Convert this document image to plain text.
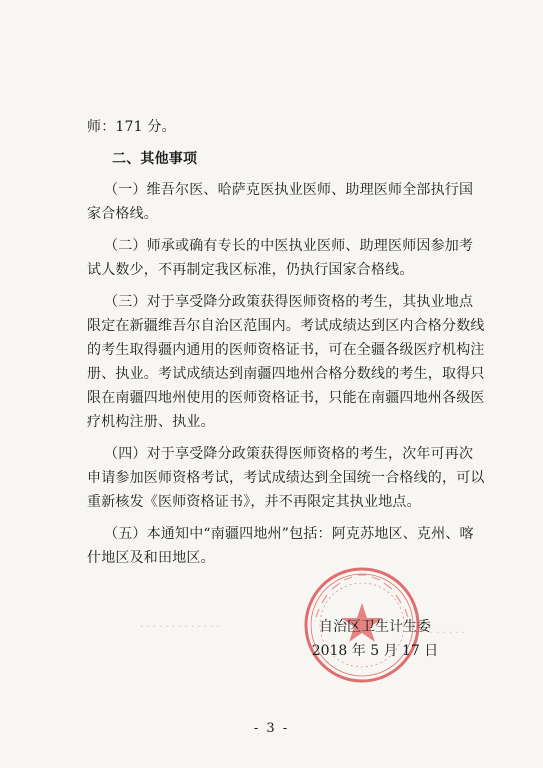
师：171 分。
二、其他事项
（一）维吾尔医、哈萨克医执业医师、助理医师全部执行国
家合格线。
（二）师承或确有专长的中医执业医师、助理医师因参加考
试人数少，不再制定我区标准，仍执行国家合格线。
（三）对于享受降分政策获得医师资格的考生，其执业地点
限定在新疆维吾尔自治区范围内。考试成绩达到区内合格分数线
的考生取得疆内通用的医师资格证书，可在全疆各级医疗机构注
册、执业。考试成绩达到南疆四地州合格分数线的考生，取得只
限在南疆四地州使用的医师资格证书，只能在南疆四地州各级医
疗机构注册、执业。
（四）对于享受降分政策获得医师资格的考生，次年可再次
申请参加医师资格考试，考试成绩达到全国统一合格线的，可以
重新核发《医师资格证书》，并不再限定其执业地点。
（五）本通知中“南疆四地州”包括：阿克苏地区、克州、喀
什地区及和田地区。
· · · · · · · · · · · · ·
· · · · · ·
自治区卫生计生委
2018 年 5 月 17 日
- 3 -
